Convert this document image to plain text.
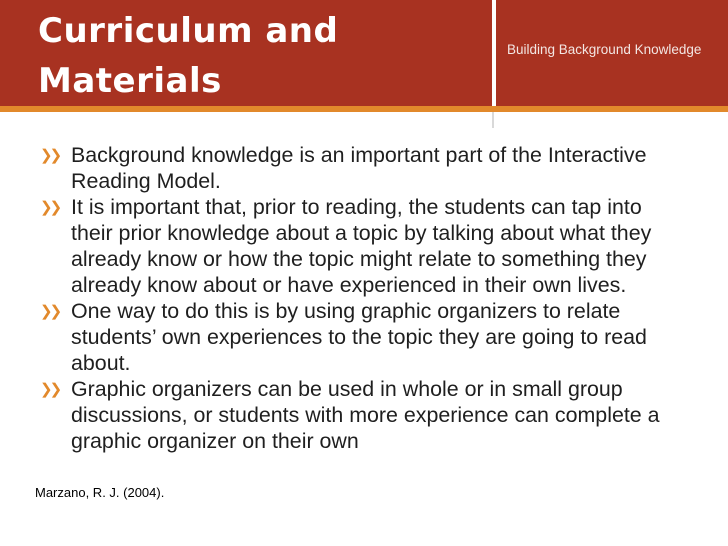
Curriculum and Materials
Building Background Knowledge
❯❯ Background knowledge is an important part of the Interactive Reading Model.
❯❯ It is important that, prior to reading, the students can tap into their prior knowledge about a topic by talking about what they already know or how the topic might relate to something they already know about or have experienced in their own lives.
❯❯ One way to do this is by using graphic organizers to relate students’ own experiences to the topic they are going to read about.
❯❯ Graphic organizers can be used in whole or in small group discussions, or students with more experience can complete a graphic organizer on their own
Marzano, R. J. (2004).
